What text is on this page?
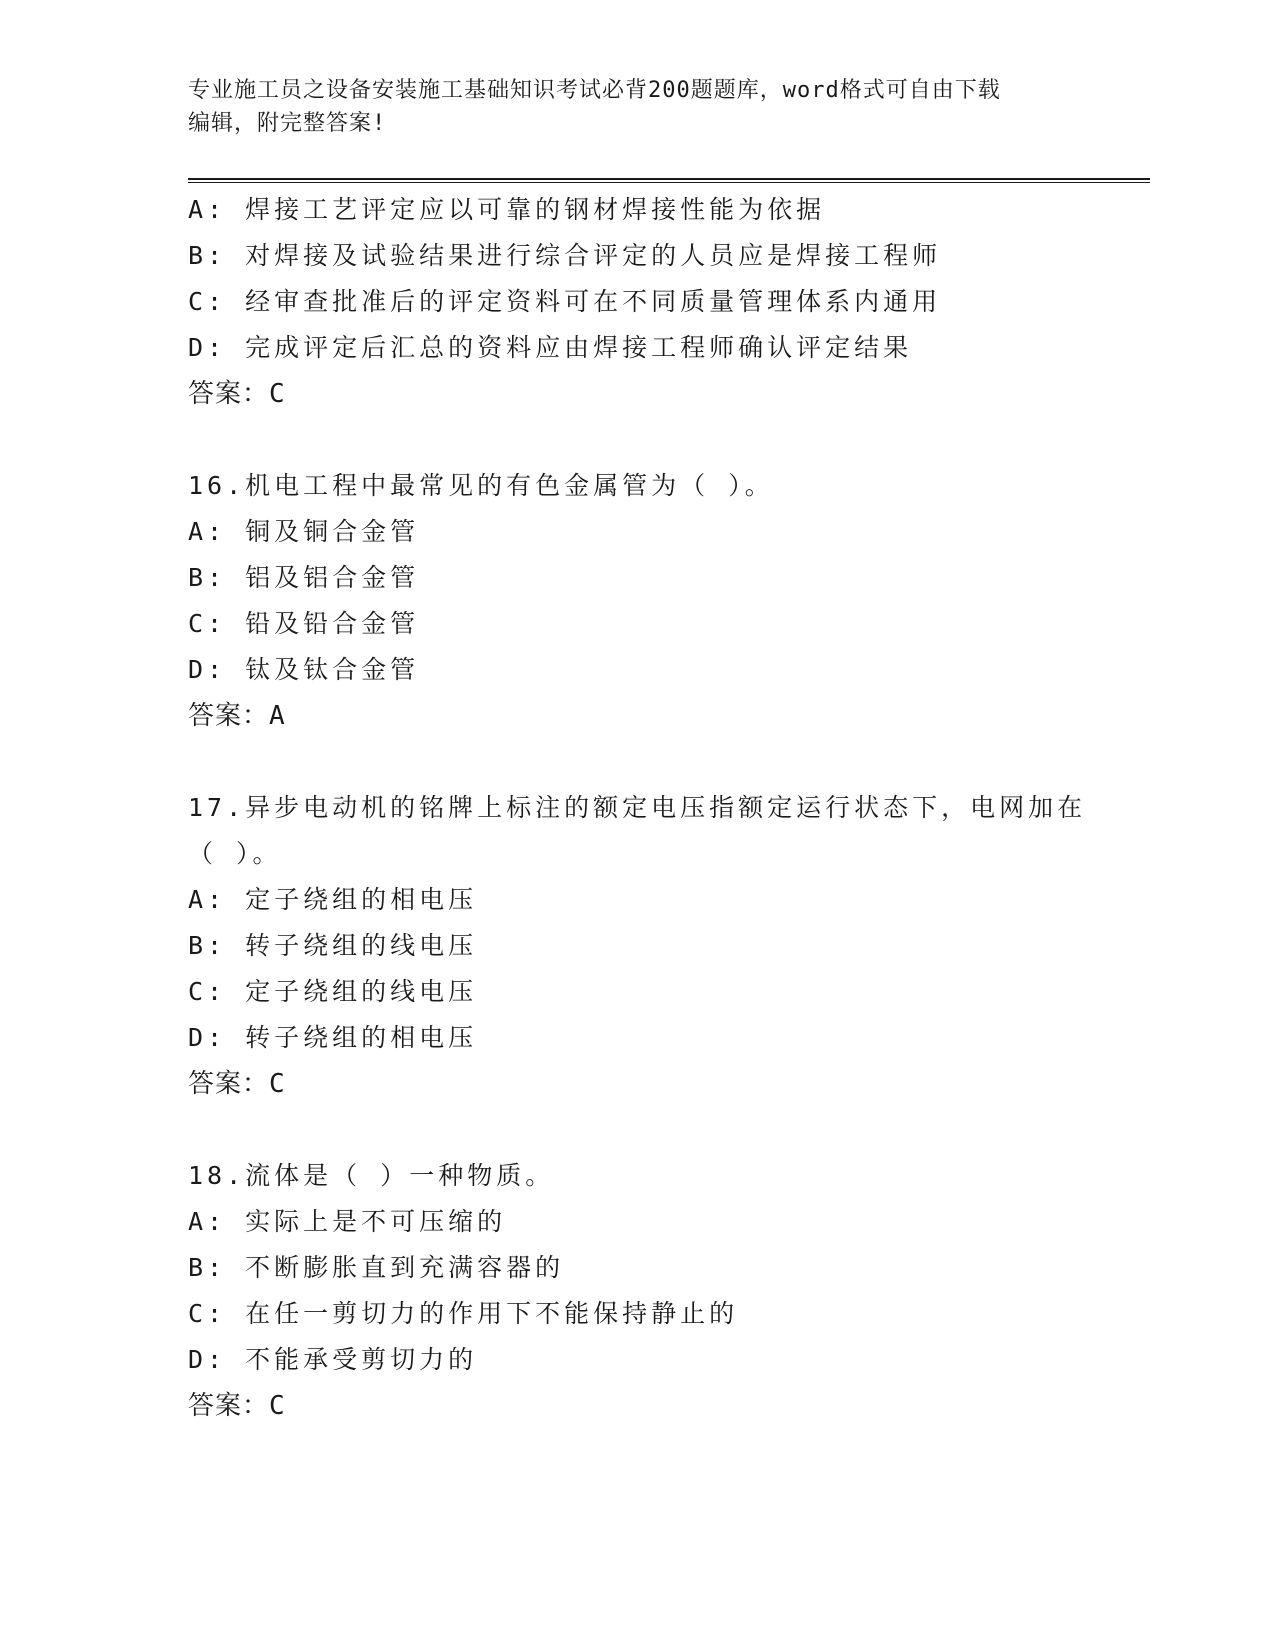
专业施工员之设备安装施工基础知识考试必背200题题库，word格式可自由下载
编辑，附完整答案!
A: 焊接工艺评定应以可靠的钢材焊接性能为依据
B: 对焊接及试验结果进行综合评定的人员应是焊接工程师
C: 经审查批准后的评定资料可在不同质量管理体系内通用
D: 完成评定后汇总的资料应由焊接工程师确认评定结果
答案：C
16.机电工程中最常见的有色金属管为（ ）。
A: 铜及铜合金管
B: 铝及铝合金管
C: 铅及铅合金管
D: 钛及钛合金管
答案：A
17.异步电动机的铭牌上标注的额定电压指额定运行状态下，电网加在
（ ）。
A: 定子绕组的相电压
B: 转子绕组的线电压
C: 定子绕组的线电压
D: 转子绕组的相电压
答案：C
18.流体是（ ）一种物质。
A: 实际上是不可压缩的
B: 不断膨胀直到充满容器的
C: 在任一剪切力的作用下不能保持静止的
D: 不能承受剪切力的
答案：C
